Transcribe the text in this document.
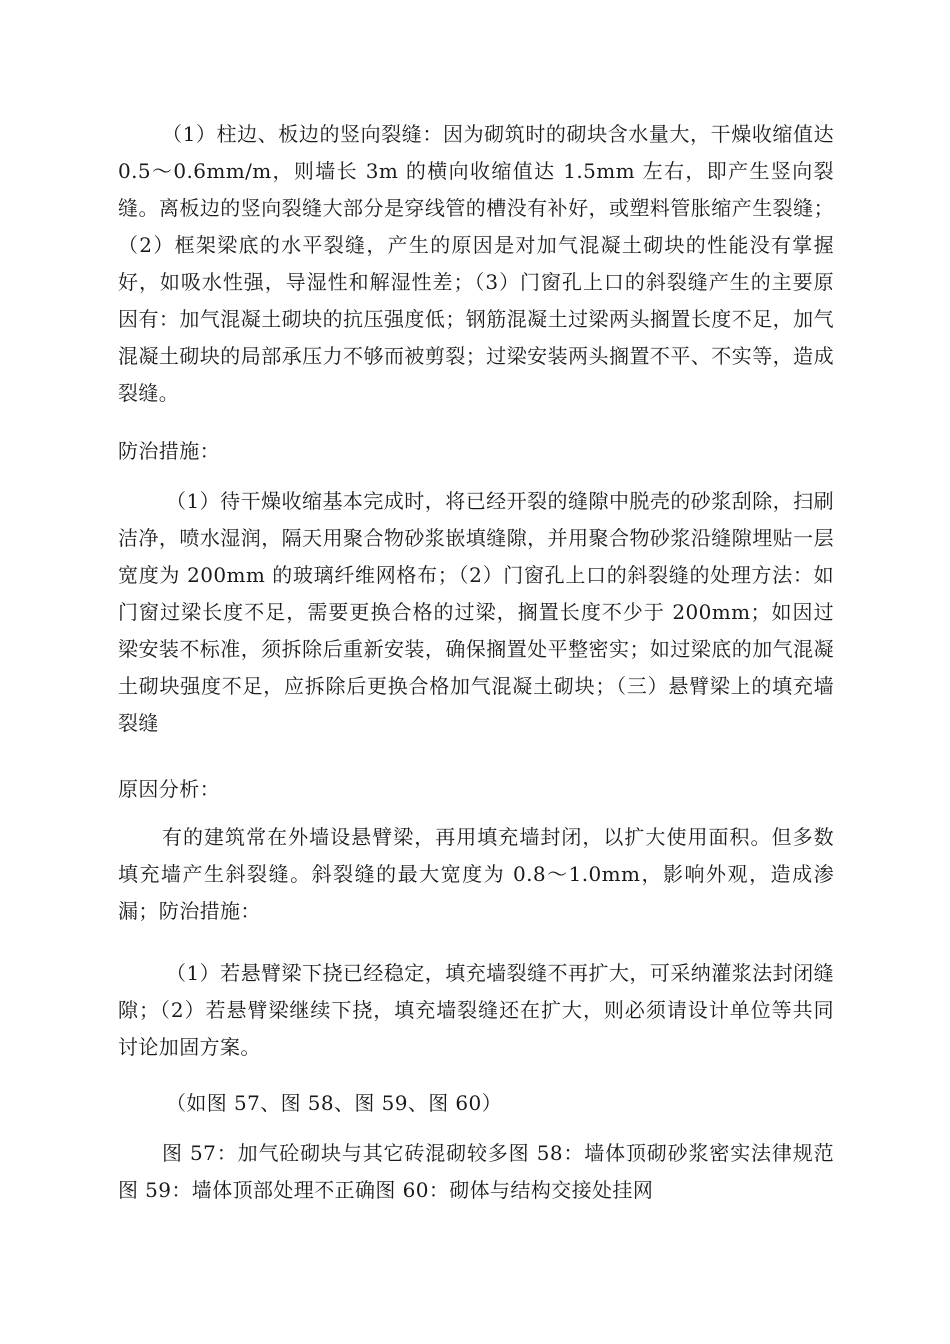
（1）柱边、板边的竖向裂缝：因为砌筑时的砌块含水量大，干燥收缩值达 0.5～0.6mm/m，则墙长 3m 的横向收缩值达 1.5mm 左右，即产生竖向裂缝。离板边的竖向裂缝大部分是穿线管的槽没有补好，或塑料管胀缩产生裂缝；（2）框架梁底的水平裂缝，产生的原因是对加气混凝土砌块的性能没有掌握好，如吸水性强，导湿性和解湿性差；（3）门窗孔上口的斜裂缝产生的主要原因有：加气混凝土砌块的抗压强度低；钢筋混凝土过梁两头搁置长度不足，加气混凝土砌块的局部承压力不够而被剪裂；过梁安装两头搁置不平、不实等，造成裂缝。

防治措施：

（1）待干燥收缩基本完成时，将已经开裂的缝隙中脱壳的砂浆刮除，扫刷洁净，喷水湿润，隔天用聚合物砂浆嵌填缝隙，并用聚合物砂浆沿缝隙埋贴一层宽度为 200mm 的玻璃纤维网格布；（2）门窗孔上口的斜裂缝的处理方法：如门窗过梁长度不足，需要更换合格的过梁，搁置长度不少于 200mm；如因过梁安装不标准，须拆除后重新安装，确保搁置处平整密实；如过梁底的加气混凝土砌块强度不足，应拆除后更换合格加气混凝土砌块；（三）悬臂梁上的填充墙裂缝

原因分析：

有的建筑常在外墙设悬臂梁，再用填充墙封闭，以扩大使用面积。但多数填充墙产生斜裂缝。斜裂缝的最大宽度为 0.8～1.0mm，影响外观，造成渗漏；防治措施：

（1）若悬臂梁下挠已经稳定，填充墙裂缝不再扩大，可采纳灌浆法封闭缝隙；（2）若悬臂梁继续下挠，填充墙裂缝还在扩大，则必须请设计单位等共同讨论加固方案。

（如图 57、图 58、图 59、图 60）

图 57：加气砼砌块与其它砖混砌较多图 58：墙体顶砌砂浆密实法律规范图 59：墙体顶部处理不正确图 60：砌体与结构交接处挂网
